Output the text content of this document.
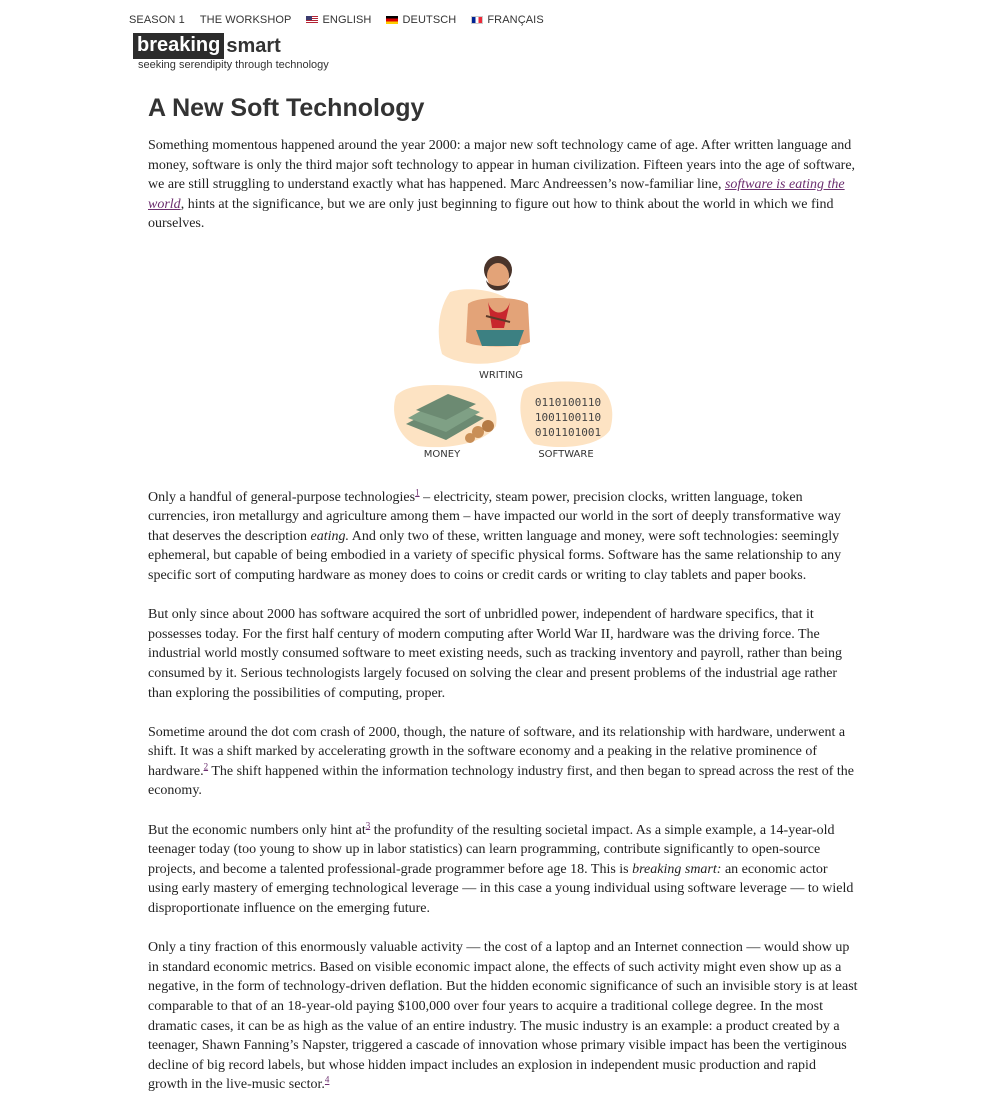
SEASON 1 THE WORKSHOP	ENGLISH	DEUTSCH	FRANÇAIS
breaking smart
seeking serendipity through technology
A New Soft Technology

Something momentous happened around the year 2000: a major new soft technology came of age. After written language and money, software is only the third major soft technology to appear in human civilization. Fifteen years into the age of software, we are still struggling to understand exactly what has happened. Marc Andreessen’s now-familiar line, software is eating the world, hints at the significance, but we are only just beginning to figure out how to think about the world in which we find ourselves.

WRITING
MONEY
0110100110
1001100110
0101101001
SOFTWARE

Only a handful of general-purpose technologies$^1$ – electricity, steam power, precision clocks, written language, token currencies, iron metallurgy and agriculture among them – have impacted our world in the sort of deeply transformative way that deserves the description eating. And only two of these, written language and money, were soft technologies: seemingly ephemeral, but capable of being embodied in a variety of specific physical forms. Software has the same relationship to any specific sort of computing hardware as money does to coins or credit cards or writing to clay tablets and paper books.

But only since about 2000 has software acquired the sort of unbridled power, independent of hardware specifics, that it possesses today. For the first half century of modern computing after World War II, hardware was the driving force. The industrial world mostly consumed software to meet existing needs, such as tracking inventory and payroll, rather than being consumed by it. Serious technologists largely focused on solving the clear and present problems of the industrial age rather than exploring the possibilities of computing, proper.

Sometime around the dot com crash of 2000, though, the nature of software, and its relationship with hardware, underwent a shift. It was a shift marked by accelerating growth in the software economy and a peaking in the relative prominence of hardware.$^2$ The shift happened within the information technology industry first, and then began to spread across the rest of the economy.

But the economic numbers only hint $at^3$ the profundity of the resulting societal impact. As a simple example, a 14-year-old teenager today (too young to show up in labor statistics) can learn programming, contribute significantly to open-source projects, and become a talented professional-grade programmer before age 18. This is breaking smart: an economic actor using early mastery of emerging technological leverage — in this case a young individual using software leverage — to wield disproportionate influence on the emerging future.

Only a tiny fraction of this enormously valuable activity — the cost of a laptop and an Internet connection — would show up in standard economic metrics. Based on visible economic impact alone, the effects of such activity might even show up as a negative, in the form of technology-driven deflation. But the hidden economic significance of such an invisible story is at least comparable to that of an 18-year-old paying $100,000 over four years to acquire a traditional college degree. In the most dramatic cases, it can be as high as the value of an entire industry. The music industry is an example: a product created by a teenager, Shawn Fanning’s Napster, triggered a cascade of innovation whose primary visible impact has been the vertiginous decline of big record labels, but whose hidden impact includes an explosion in independent music production and rapid growth in the live-music sector.$^4$
